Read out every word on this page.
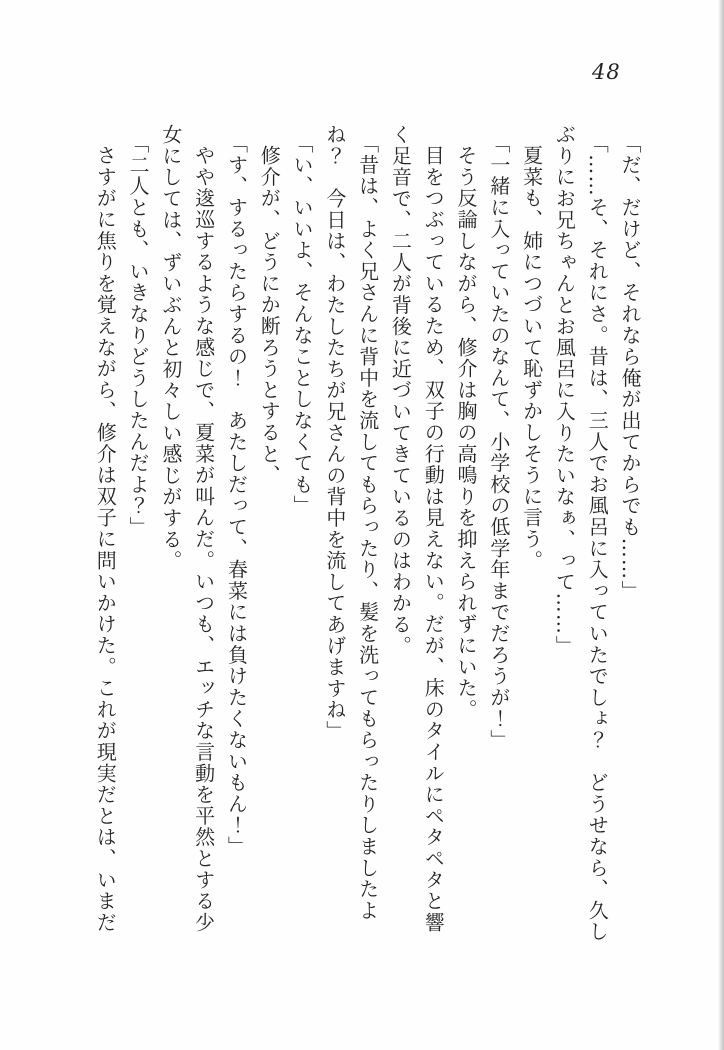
48

「だ、だけど、それなら俺が出てからでも……」

「……そ、それにさ。昔は、三人でお風呂に入っていたでしょ？　どうせなら、久し

ぶりにお兄ちゃんとお風呂に入りたいなぁ、って……」

夏菜も、姉につづいて恥ずかしそうに言う。

「一緒に入っていたのなんて、小学校の低学年までだろうが！」

そう反論しながら、修介は胸の高鳴りを抑えられずにいた。

目をつぶっているため、双子の行動は見えない。だが、床のタイルにペタペタと響

く足音で、二人が背後に近づいてきているのはわかる。

「昔は、よく兄さんに背中を流してもらったり、髪を洗ってもらったりしましたよ

ね？　今日は、わたしたちが兄さんの背中を流してあげますね」

「い、いいよ、そんなことしなくても」

修介が、どうにか断ろうとすると、

「す、するったらするの！　あたしだって、春菜には負けたくないもん！」

やや逡巡するような感じで、夏菜が叫んだ。いつも、エッチな言動を平然とする少

女にしては、ずいぶんと初々しい感じがする。

「二人とも、いきなりどうしたんだよ？」

さすがに焦りを覚えながら、修介は双子に問いかけた。これが現実だとは、いまだ
